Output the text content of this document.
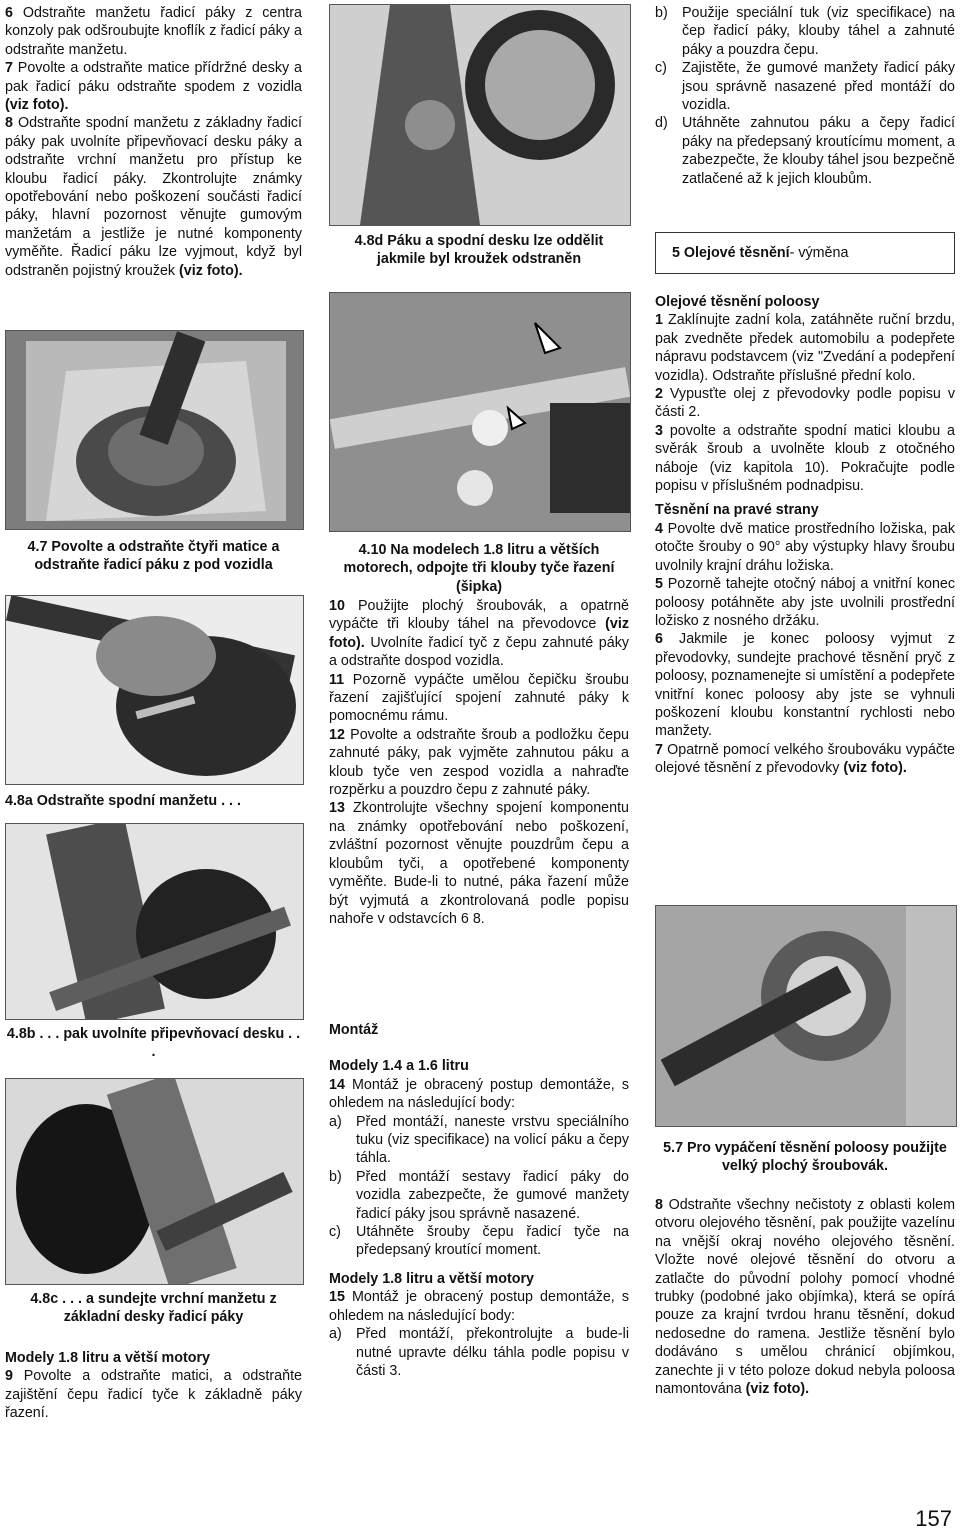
6 Odstraňte manžetu řadicí páky z centra konzoly pak odšroubujte knoflík z řadicí páky a odstraňte manžetu.

7 Povolte a odstraňte matice přídržné desky a pak řadicí páku odstraňte spodem z vozidla (viz foto).

8 Odstraňte spodní manžetu z základny řadicí páky pak uvolníte připevňovací desku páky a odstraňte vrchní manžetu pro přístup ke kloubu řadicí páky. Zkontrolujte známky opotřebování nebo poškození součásti řadicí páky, hlavní pozornost věnujte gumovým manžetám a jestliže je nutné komponenty vyměňte. Řadicí páku lze vyjmout, když byl odstraněn pojistný kroužek (viz foto).

4.7 Povolte a odstraňte čtyři matice a odstraňte řadicí páku z pod vozidla

4.8a Odstraňte spodní manžetu . . .

4.8b . . . pak uvolníte připevňovací desku . . .

4.8c . . . a sundejte vrchní manžetu z základní desky řadicí páky

Modely 1.8 litru a větší motory

9 Povolte a odstraňte matici, a odstraňte zajištění čepu řadicí tyče k základně páky řazení.

4.8d Páku a spodní desku lze oddělit jakmile byl kroužek odstraněn

4.10 Na modelech 1.8 litru a větších motorech, odpojte tři klouby tyče řazení (šipka)

10 Použijte plochý šroubovák, a opatrně vypáčte tři klouby táhel na převodovce (viz foto). Uvolníte řadicí tyč z čepu zahnuté páky a odstraňte dospod vozidla.

11 Pozorně vypáčte umělou čepičku šroubu řazení zajišťující spojení zahnuté páky k pomocnému rámu.

12 Povolte a odstraňte šroub a podložku čepu zahnuté páky, pak vyjměte zahnutou páku a kloub tyče ven zespod vozidla a nahraďte rozpěrku a pouzdro čepu z zahnuté páky.

13 Zkontrolujte všechny spojení komponentu na známky opotřebování nebo poškození, zvláštní pozornost věnujte pouzdrům čepu a kloubům tyči, a opotřebené komponenty vyměňte. Bude-li to nutné, páka řazení může být vyjmutá a zkontrolovaná podle popisu nahoře v odstavcích 6 8.

Montáž

Modely 1.4 a 1.6 litru

14 Montáž je obracený postup demontáže, s ohledem na následující body:

a) Před montáží, naneste vrstvu speciálního tuku (viz specifikace) na volicí páku a čepy táhla.
b) Před montáží sestavy řadicí páky do vozidla zabezpečte, že gumové manžety řadicí páky jsou správně nasazené.
c)	Utáhněte šrouby čepu řadicí tyče na předepsaný kroutící moment.

Modely 1.8 litru a větší motory

15 Montáž je obracený postup demontáže, s ohledem na následující body:

a) Před montáží, překontrolujte a bude-li nutné upravte délku táhla podle popisu v části 3.
b) Použije speciální tuk (viz specifikace) na čep řadicí páky, klouby táhel a zahnuté páky a pouzdra čepu.
c)	Zajistěte, že gumové manžety řadicí páky jsou správně nasazené před montáží do vozidla.
d) Utáhněte zahnutou páku a čepy řadicí páky na předepsaný kroutícímu moment, a zabezpečte, že klouby táhel jsou bezpečně zatlačené až k jejich kloubům.
5 Olejové těsnění - výměna

Olejové těsnění poloosy

1 Zaklínujte zadní kola, zatáhněte ruční brzdu, pak zvedněte předek automobilu a podepřete nápravu podstavcem (viz "Zvedání a podepření vozidla). Odstraňte příslušné přední kolo.

2 Vypusťte olej z převodovky podle popisu v části 2.

3 povolte a odstraňte spodní matici kloubu a svěrák šroub a uvolněte kloub z otočného náboje (viz kapitola 10). Pokračujte podle popisu v příslušném podnadpisu.

Těsnění na pravé strany

4 Povolte dvě matice prostředního ložiska, pak otočte šrouby o 90° aby výstupky hlavy šroubu uvolnily krajní dráhu ložiska.

5 Pozorně tahejte otočný náboj a vnitřní konec poloosy potáhněte aby jste uvolnili prostřední ložisko z nosného držáku.

6 Jakmile je konec poloosy vyjmut z převodovky, sundejte prachové těsnění pryč z poloosy, poznamenejte si umístění a podepřete vnitřní konec poloosy aby jste se vyhnuli poškození kloubu konstantní rychlosti nebo manžety.

7 Opatrně pomocí velkého šroubováku vypáčte olejové těsnění z převodovky (viz foto).

5.7 Pro vypáčení těsnění poloosy použijte velký plochý šroubovák.

8 Odstraňte všechny nečistoty z oblasti kolem otvoru olejového těsnění, pak použijte vazelínu na vnější okraj nového olejového těsnění. Vložte nové olejové těsnění do otvoru a zatlačte do původní polohy pomocí vhodné trubky (podobné jako objímka), která se opírá pouze za krajní tvrdou hranu těsnění, dokud nedosedne do ramena. Jestliže těsnění bylo dodáváno s umělou chránicí objímkou, zanechte ji v této poloze dokud nebyla poloosa namontována (viz foto).

157
